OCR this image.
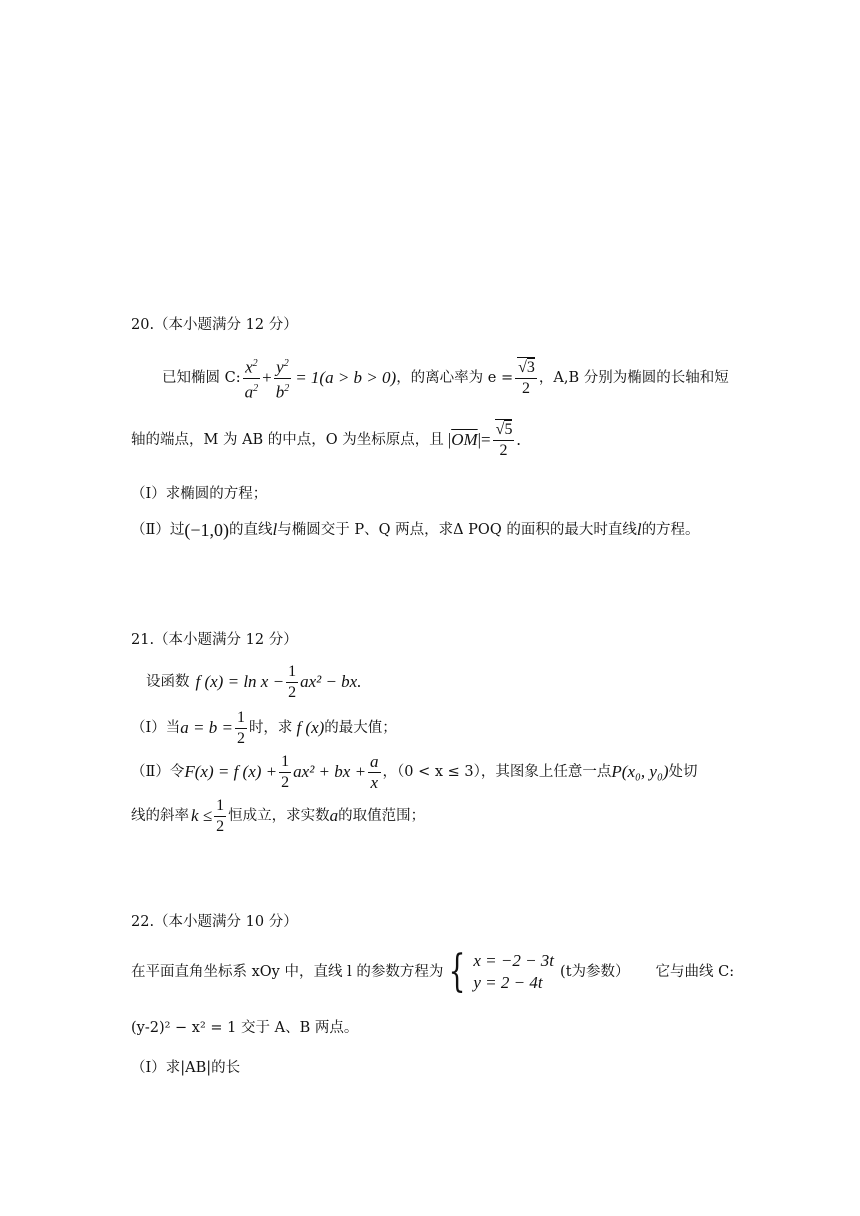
20.（本小题满分 12 分）
已知椭圆 C: $\frac{x^2}{a^2} + \frac{y^2}{b^2} = 1(a > b > 0)$ ，的离心率为 $e = \frac{√3}{2}$ ，A,B 分别为椭圆的长轴和短
轴的端点，M 为 AB 的中点，O 为坐标原点，且 | $\overline{OM}$ |= $\frac{√5}{2}$ .
（Ⅰ）求椭圆的方程；
（Ⅱ）过 (−1,0) 的直线 l 与椭圆交于 P、Q 两点，求Δ POQ 的面积的最大时直线 l 的方程。
21.（本小题满分 12 分）
设函数 f $(x) = \ln x - \frac{1}{2} ax^2$ − bx.
（Ⅰ）当 $a = b = \frac{1}{2}$ 时，求 f (x) 的最大值；
（Ⅱ）令 F(x) = f $(x) + \frac{1}{2} ax^2$ + bx + $\frac{a}{x}$ ，（0 < x ≤ 3），其图象上任意一点 P(x₀, y₀) 处切
线的斜率 $k \le \frac{1}{2}$ 恒成立，求实数 a 的取值范围；
22.（本小题满分 10 分）
在平面直角坐标系 xOy 中，直线 l 的参数方程为 { x = −2 − 3t
y = 2 − 4t
(t为参数） 它与曲线 C:
(y-2)² − x² = 1 交于 A、B 两点。
（Ⅰ）求|AB|的长
